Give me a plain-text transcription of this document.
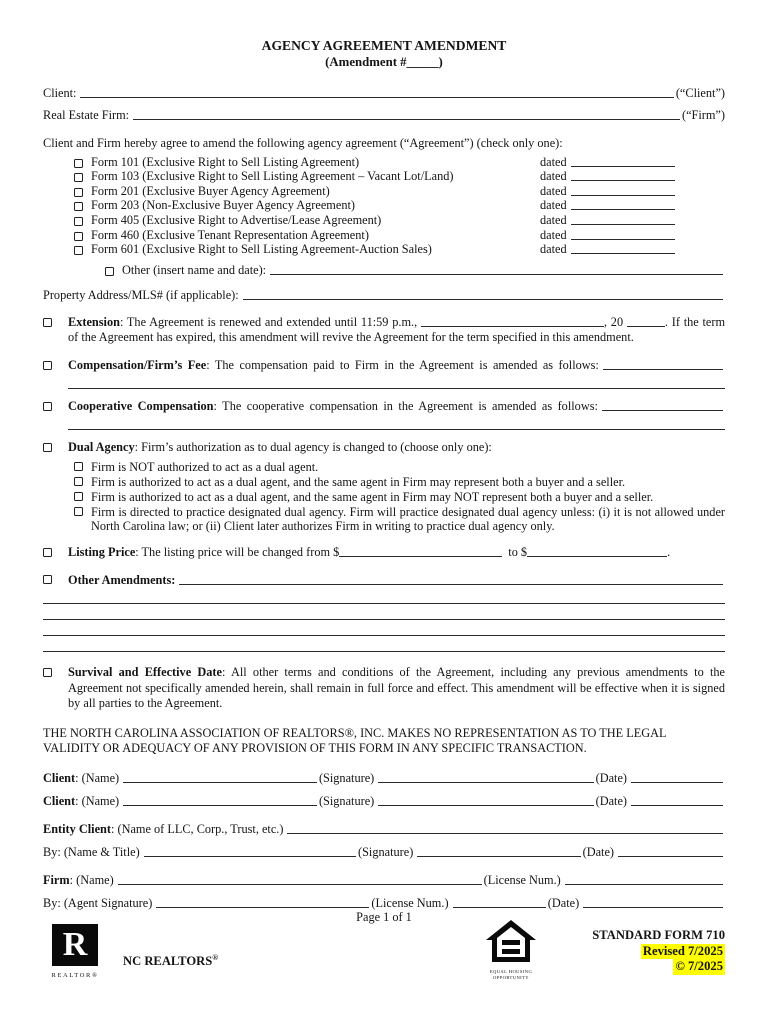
AGENCY AGREEMENT AMENDMENT
(Amendment #_____)
Client:	(“Client”)
Real Estate Firm:	(“Firm”)
Client and Firm hereby agree to amend the following agency agreement (“Agreement”) (check only one):
Form 101 (Exclusive Right to Sell Listing Agreement)	dated
Form 103 (Exclusive Right to Sell Listing Agreement – Vacant Lot/Land)	dated
Form 201 (Exclusive Buyer Agency Agreement)	dated
Form 203 (Non-Exclusive Buyer Agency Agreement)	dated
Form 405 (Exclusive Right to Advertise/Lease Agreement)	dated
Form 460 (Exclusive Tenant Representation Agreement)	dated
Form 601 (Exclusive Right to Sell Listing Agreement-Auction Sales)	dated
Other (insert name and date):
Property Address/MLS# (if applicable):
Extension: The Agreement is renewed and extended until 11:59 p.m.,	, 20	. If the term of the Agreement has expired, this amendment will revive the Agreement for the term specified in this amendment.
Compensation/Firm’s Fee: The compensation paid to Firm in the Agreement is amended as follows:
Cooperative Compensation: The cooperative compensation in the Agreement is amended as follows:
Dual Agency: Firm’s authorization as to dual agency is changed to (choose only one):
Firm is NOT authorized to act as a dual agent.
Firm is authorized to act as a dual agent, and the same agent in Firm may represent both a buyer and a seller.
Firm is authorized to act as a dual agent, and the same agent in Firm may NOT represent both a buyer and a seller.
Firm is directed to practice designated dual agency. Firm will practice designated dual agency unless: (i) it is not allowed under North Carolina law; or (ii) Client later authorizes Firm in writing to practice dual agency only.
Listing Price: The listing price will be changed from $	to $	.
Other Amendments:
Survival and Effective Date: All other terms and conditions of the Agreement, including any previous amendments to the Agreement not specifically amended herein, shall remain in full force and effect. This amendment will be effective when it is signed by all parties to the Agreement.
THE NORTH CAROLINA ASSOCIATION OF REALTORS®, INC. MAKES NO REPRESENTATION AS TO THE LEGAL VALIDITY OR ADEQUACY OF ANY PROVISION OF THIS FORM IN ANY SPECIFIC TRANSACTION.
Client: (Name)	(Signature)	(Date)
Client: (Name)	(Signature)	(Date)
Entity Client: (Name of LLC, Corp., Trust, etc.)
By: (Name & Title)	(Signature)	(Date)
Firm: (Name)	(License Num.)
By: (Agent Signature)	(License Num.)	(Date)
Page 1 of 1
R
REALTOR®
NC REALTORS®
EQUAL HOUSING
OPPORTUNITY
STANDARD FORM 710
Revised 7/2025
© 7/2025
